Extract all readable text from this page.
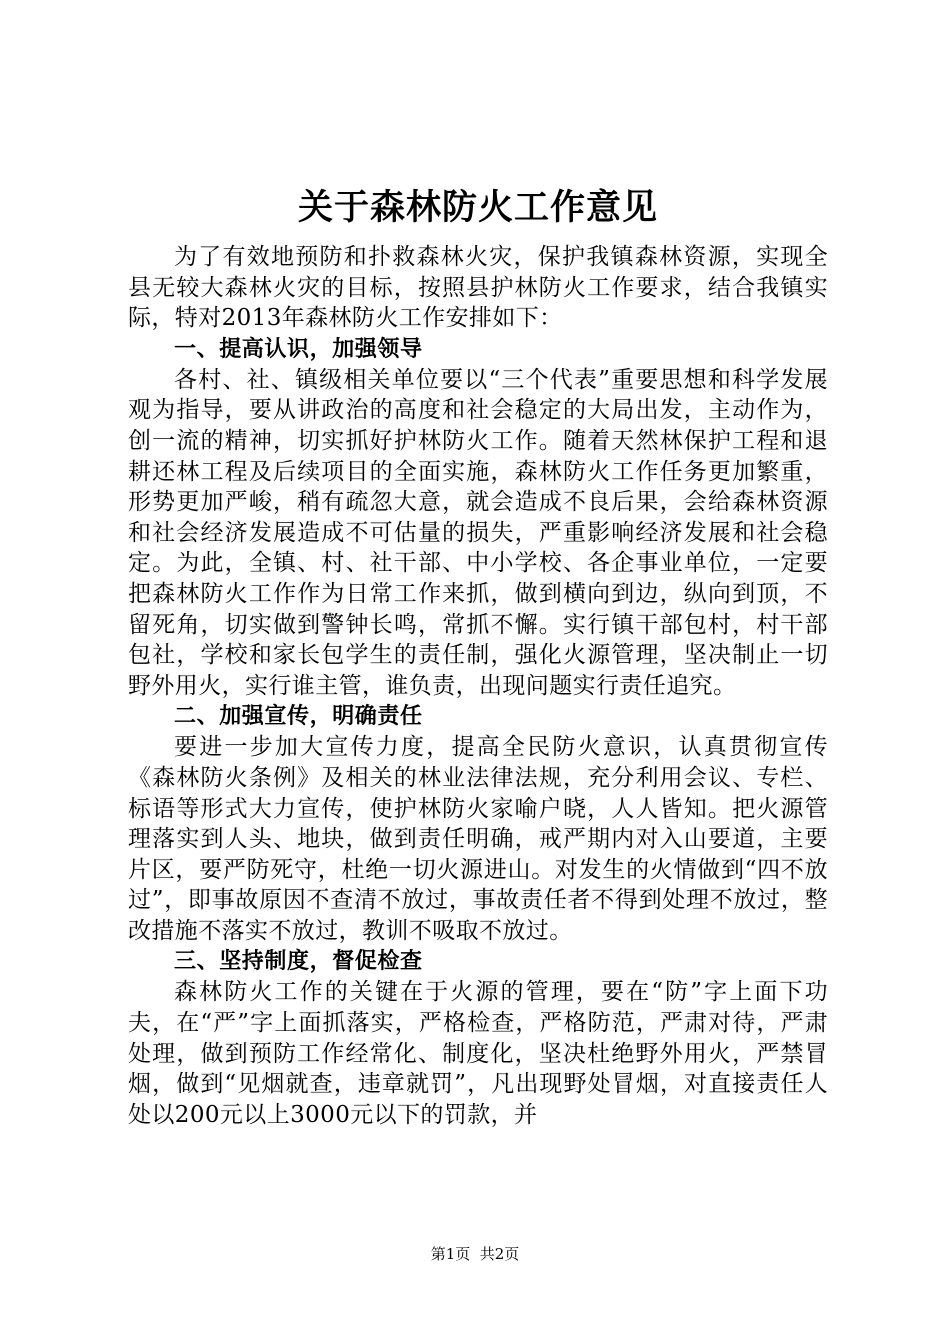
关于森林防火工作意见

为了有效地预防和扑救森林火灾，保护我镇森林资源，实现全县无较大森林火灾的目标，按照县护林防火工作要求，结合我镇实际，特对2013年森林防火工作安排如下：

一、提高认识，加强领导

各村、社、镇级相关单位要以“三个代表”重要思想和科学发展观为指导，要从讲政治的高度和社会稳定的大局出发，主动作为，创一流的精神，切实抓好护林防火工作。随着天然林保护工程和退耕还林工程及后续项目的全面实施，森林防火工作任务更加繁重，形势更加严峻，稍有疏忽大意，就会造成不良后果，会给森林资源和社会经济发展造成不可估量的损失，严重影响经济发展和社会稳定。为此，全镇、村、社干部、中小学校、各企事业单位，一定要把森林防火工作作为日常工作来抓，做到横向到边，纵向到顶，不留死角，切实做到警钟长鸣，常抓不懈。实行镇干部包村，村干部包社，学校和家长包学生的责任制，强化火源管理，坚决制止一切野外用火，实行谁主管，谁负责，出现问题实行责任追究。

二、加强宣传，明确责任

要进一步加大宣传力度，提高全民防火意识，认真贯彻宣传《森林防火条例》及相关的林业法律法规，充分利用会议、专栏、标语等形式大力宣传，使护林防火家喻户晓，人人皆知。把火源管理落实到人头、地块，做到责任明确，戒严期内对入山要道，主要片区，要严防死守，杜绝一切火源进山。对发生的火情做到“四不放过”，即事故原因不查清不放过，事故责任者不得到处理不放过，整改措施不落实不放过，教训不吸取不放过。

三、坚持制度，督促检查

森林防火工作的关键在于火源的管理，要在“防”字上面下功夫，在“严”字上面抓落实，严格检查，严格防范，严肃对待，严肃处理，做到预防工作经常化、制度化，坚决杜绝野外用火，严禁冒烟，做到“见烟就查，违章就罚”，凡出现野处冒烟，对直接责任人处以200元以上3000元以下的罚款，并

第1页  共2页
